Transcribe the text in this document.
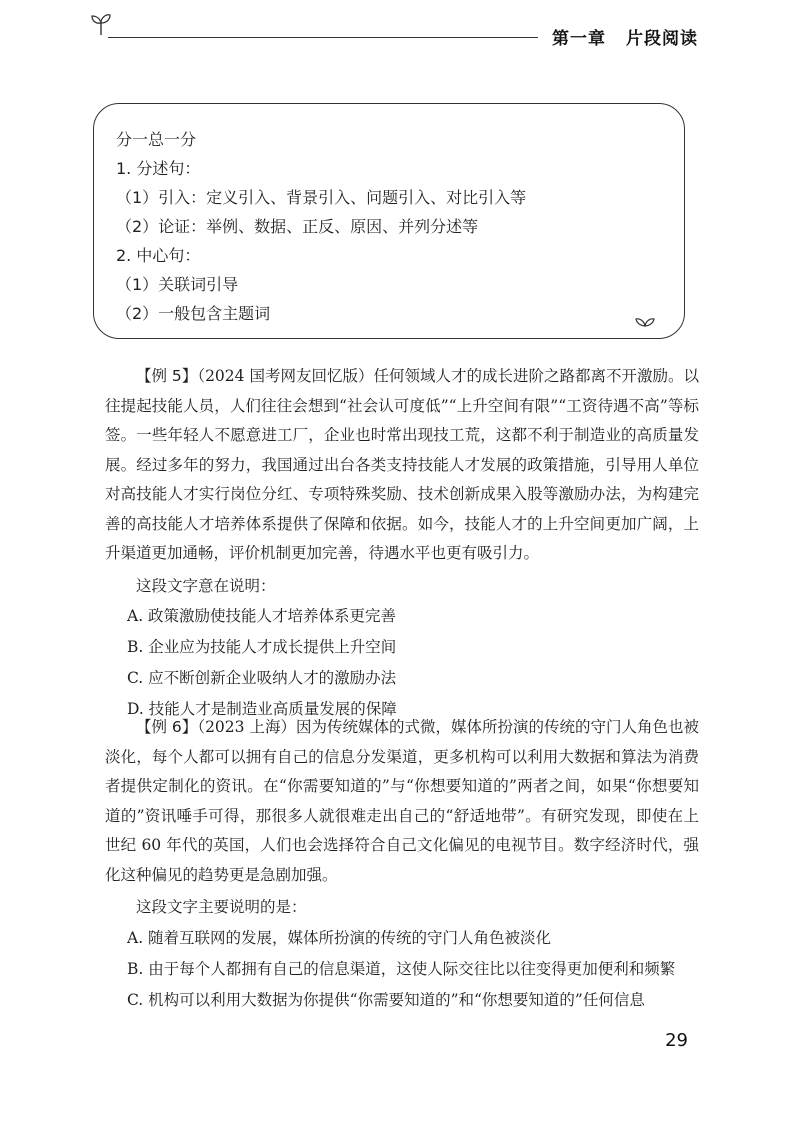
第一章 片段阅读
分一总一分
1. 分述句：
（1）引入：定义引入、背景引入、问题引入、对比引入等
（2）论证：举例、数据、正反、原因、并列分述等
2. 中心句：
（1）关联词引导
（2）一般包含主题词
【例 5】（2024 国考网友回忆版）任何领域人才的成长进阶之路都离不开激励。以往提起技能人员，人们往往会想到“社会认可度低”“上升空间有限”“工资待遇不高”等标签。一些年轻人不愿意进工厂，企业也时常出现技工荒，这都不利于制造业的高质量发展。经过多年的努力，我国通过出台各类支持技能人才发展的政策措施，引导用人单位对高技能人才实行岗位分红、专项特殊奖励、技术创新成果入股等激励办法，为构建完善的高技能人才培养体系提供了保障和依据。如今，技能人才的上升空间更加广阔，上升渠道更加通畅，评价机制更加完善，待遇水平也更有吸引力。
这段文字意在说明：
A. 政策激励使技能人才培养体系更完善
B. 企业应为技能人才成长提供上升空间
C. 应不断创新企业吸纳人才的激励办法
D. 技能人才是制造业高质量发展的保障
【例 6】（2023 上海）因为传统媒体的式微，媒体所扮演的传统的守门人角色也被淡化，每个人都可以拥有自己的信息分发渠道，更多机构可以利用大数据和算法为消费者提供定制化的资讯。在“你需要知道的”与“你想要知道的”两者之间，如果“你想要知道的”资讯唾手可得，那很多人就很难走出自己的“舒适地带”。有研究发现，即使在上世纪 60 年代的英国，人们也会选择符合自己文化偏见的电视节目。数字经济时代，强化这种偏见的趋势更是急剧加强。
这段文字主要说明的是：
A. 随着互联网的发展，媒体所扮演的传统的守门人角色被淡化
B. 由于每个人都拥有自己的信息渠道，这使人际交往比以往变得更加便利和频繁
C. 机构可以利用大数据为你提供“你需要知道的”和“你想要知道的”任何信息
29
